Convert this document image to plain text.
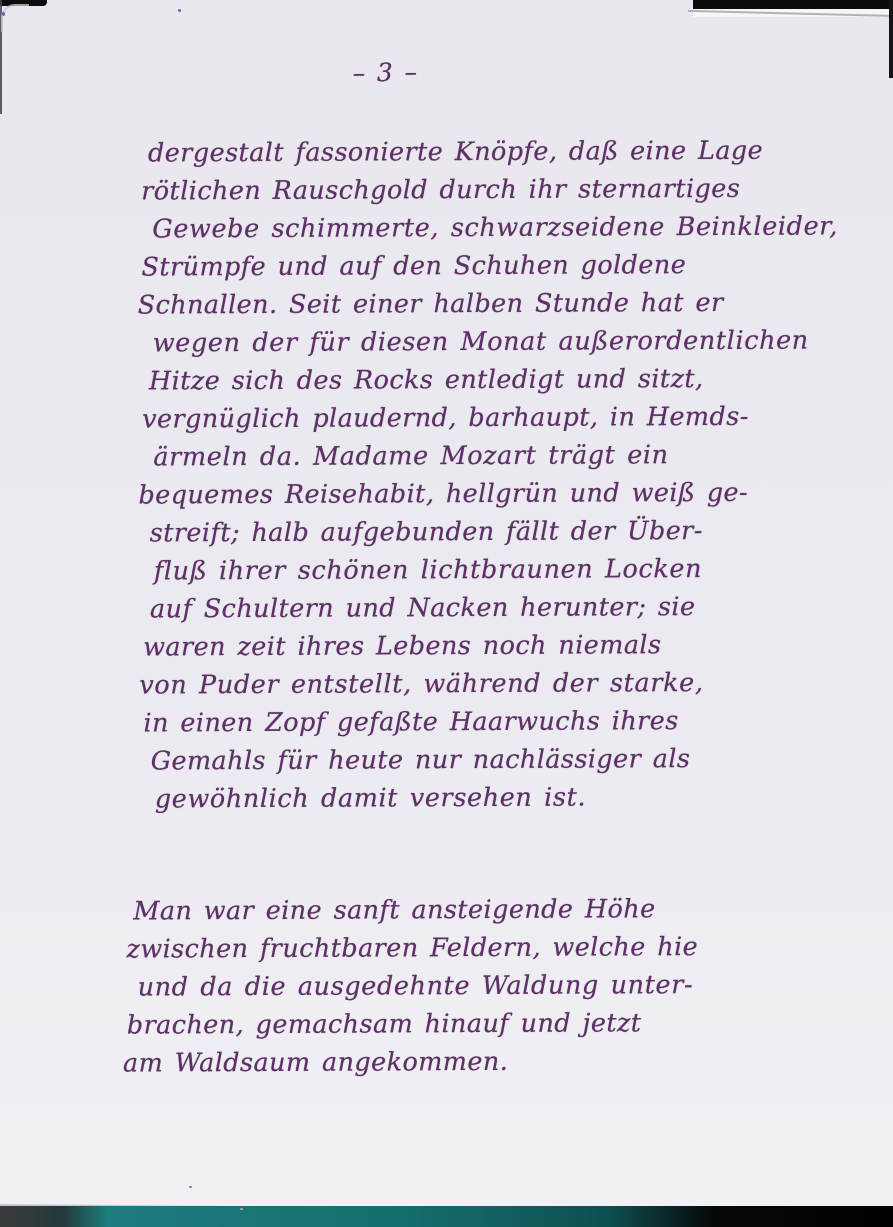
– 3 –
dergestalt fassonierte Knöpfe, daß eine Lage
rötlichen Rauschgold durch ihr sternartiges
Gewebe schimmerte, schwarzseidene Beinkleider,
Strümpfe und auf den Schuhen goldene
Schnallen. Seit einer halben Stunde hat er
wegen der für diesen Monat außerordentlichen
Hitze sich des Rocks entledigt und sitzt,
vergnüglich plaudernd, barhaupt, in Hemds-
ärmeln da. Madame Mozart trägt ein
bequemes Reisehabit, hellgrün und weiß ge-
streift; halb aufgebunden fällt der Über-
fluß ihrer schönen lichtbraunen Locken
auf Schultern und Nacken herunter; sie
waren zeit ihres Lebens noch niemals
von Puder entstellt, während der starke,
in einen Zopf gefaßte Haarwuchs ihres
Gemahls für heute nur nachlässiger als
gewöhnlich damit versehen ist.
Man war eine sanft ansteigende Höhe
zwischen fruchtbaren Feldern, welche hie
und da die ausgedehnte Waldung unter-
brachen, gemachsam hinauf und jetzt
am Waldsaum angekommen.
